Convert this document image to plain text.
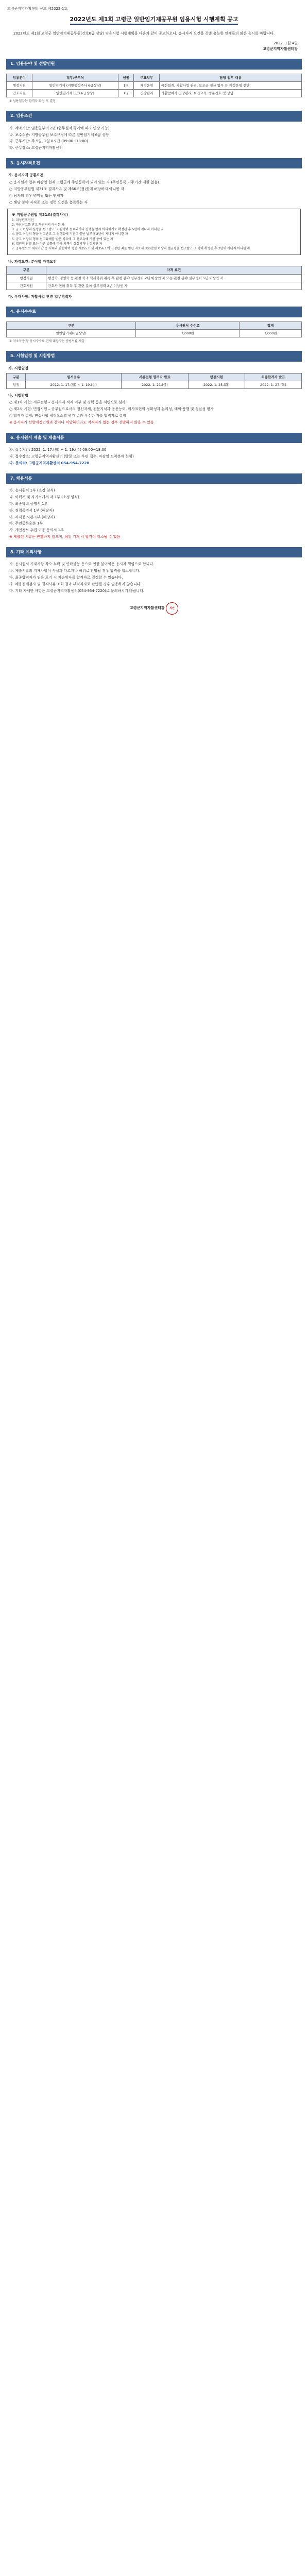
고령군지역자활센터 공고 제2022-1호
2022년도 제1회 고령군 일반임기제공무원 임용시험 시행계획 공고

2022년도 제1회 고령군 일반임기제공무원(간호6급 상당) 임용시험 시행계획을 다음과 같이 공고하오니, 응시자격 요건을 갖춘 유능한 인재들의 많은 응시를 바랍니다.

2022. 1월 4일
고령군지역자활센터장
1. 임용분야 및 선발인원
임용분야	직무/근무처	인원	주요업무	담당 업무 내용
행정지원	일반임기제 (지방행정주사 6급상당)	1명	재정운영	예산회계, 자활사업 관리, 보조금 정산 업무 등 재정운영 전반
간호지원	일반임기제 (간호6급상당)	1명	건강관리	자활참여자 건강관리, 보건교육, 방문간호 및 상담
※ 임용일자는 합격자 확정 후 결정
2. 임용조건
가. 계약기간: 임용일부터 2년 (업무실적 평가에 따라 연장 가능)
나. 보수수준: 지방공무원 보수규정에 따른 일반임기제 6급 상당
다. 근무시간: 주 5일, 1일 8시간 (09:00~18:00)
라. 근무장소: 고령군지역자활센터
3. 응시자격요건
가. 응시자격 공통요건
○ 응시원서 접수 마감일 현재 고령군에 주민등록이 되어 있는 자 (주민등록 거주기간 제한 없음)
○ 지방공무원법 제31조 결격사유 및 제66조(정년)에 해당하지 아니한 자
○ 남자의 경우 병역필 또는 면제자
○ 해당 분야 자격증 또는 경력 요건을 충족하는 자
※ 지방공무원법 제31조(결격사유)
1. 피성년후견인
2. 파산선고를 받고 복권되지 아니한 자
3. 금고 이상의 실형을 선고받고 그 집행이 종료되거나 집행을 받지 아니하기로 확정된 후 5년이 지나지 아니한 자
4. 금고 이상의 형을 선고받고 그 집행유예 기간이 끝난 날부터 2년이 지나지 아니한 자
5. 금고 이상의 형의 선고유예를 받은 경우에 그 선고유예 기간 중에 있는 자
6. 법원의 판결 또는 다른 법률에 따라 자격이 상실되거나 정지된 자
7. 공무원으로 재직기간 중 직무와 관련하여 형법 제355조 및 제356조에 규정된 죄를 범한 자로서 300만원 이상의 벌금형을 선고받고 그 형이 확정된 후 2년이 지나지 아니한 자
나. 자격요건: 분야별 자격요건
구분	자격 요건
행정지원	행정학, 경영학 등 관련 학과 학사학위 취득 후 관련 분야 실무경력 2년 이상인 자 또는 관련 분야 실무경력 5년 이상인 자
간호지원	간호사 면허 취득 후 관련 분야 실무경력 2년 이상인 자
다. 우대사항: 자활사업 관련 업무경력자
4. 응시수수료
구분	응시원서 수수료	합계
일반임기제(6급상당)	7,000원	7,000원
※ 저소득층 등 응시수수료 면제 대상자는 증빙서류 제출
5. 시험일정 및 시험방법
가. 시험일정
구분	원서접수	서류전형 합격자 발표	면접시험	최종합격자 발표
일정	2022. 1. 17.(월) ~ 1. 19.(수)	2022. 1. 21.(금)	2022. 1. 25.(화)	2022. 1. 27.(목)
나. 시험방법
○ 제1차 시험: 서류전형 – 응시자격 적격 여부 및 경력 등을 서면으로 심사
○ 제2차 시험: 면접시험 – 공무원으로서의 정신자세, 전문지식과 응용능력, 의사표현의 정확성과 논리성, 예의·품행 및 성실성 평가
○ 합격자 결정: 면접시험 평정요소별 평가 결과 우수한 자를 합격자로 결정
※ 응시자가 선발예정인원과 같거나 미달하더라도 적격자가 없는 경우 선발하지 않을 수 있음
6. 응시원서 제출 및 제출서류
가. 접수기간: 2022. 1. 17.(월) ~ 1. 19.(수) 09:00~18:00
나. 접수장소: 고령군지역자활센터 (방문 또는 우편 접수, 마감일 도착분에 한함)
다. 문의처: 고령군지역자활센터 054-954-7220
7. 채용서류
가. 응시원서 1부 (소정 양식)
나. 이력서 및 자기소개서 각 1부 (소정 양식)
다. 최종학력 증명서 1부
라. 경력증명서 1부 (해당자)
마. 자격증 사본 1부 (해당자)
바. 주민등록초본 1부
사. 개인정보 수집·이용 동의서 1부
※ 제출된 서류는 반환하지 않으며, 허위 기재 시 합격이 취소될 수 있음
8. 기타 유의사항
가. 응시원서 기재사항 착오·누락 및 연락불능 등으로 인한 불이익은 응시자 책임으로 합니다.
나. 제출서류의 기재사항이 사실과 다르거나 허위로 판명될 경우 합격을 취소합니다.
다. 최종합격자가 임용 포기 시 차순위자를 합격자로 결정할 수 있습니다.
라. 채용신체검사 및 결격사유 조회 결과 부적격자로 판명될 경우 임용하지 않습니다.
마. 기타 자세한 사항은 고령군지역자활센터(054-954-7220)로 문의하시기 바랍니다.
고령군지역자활센터장 직인
